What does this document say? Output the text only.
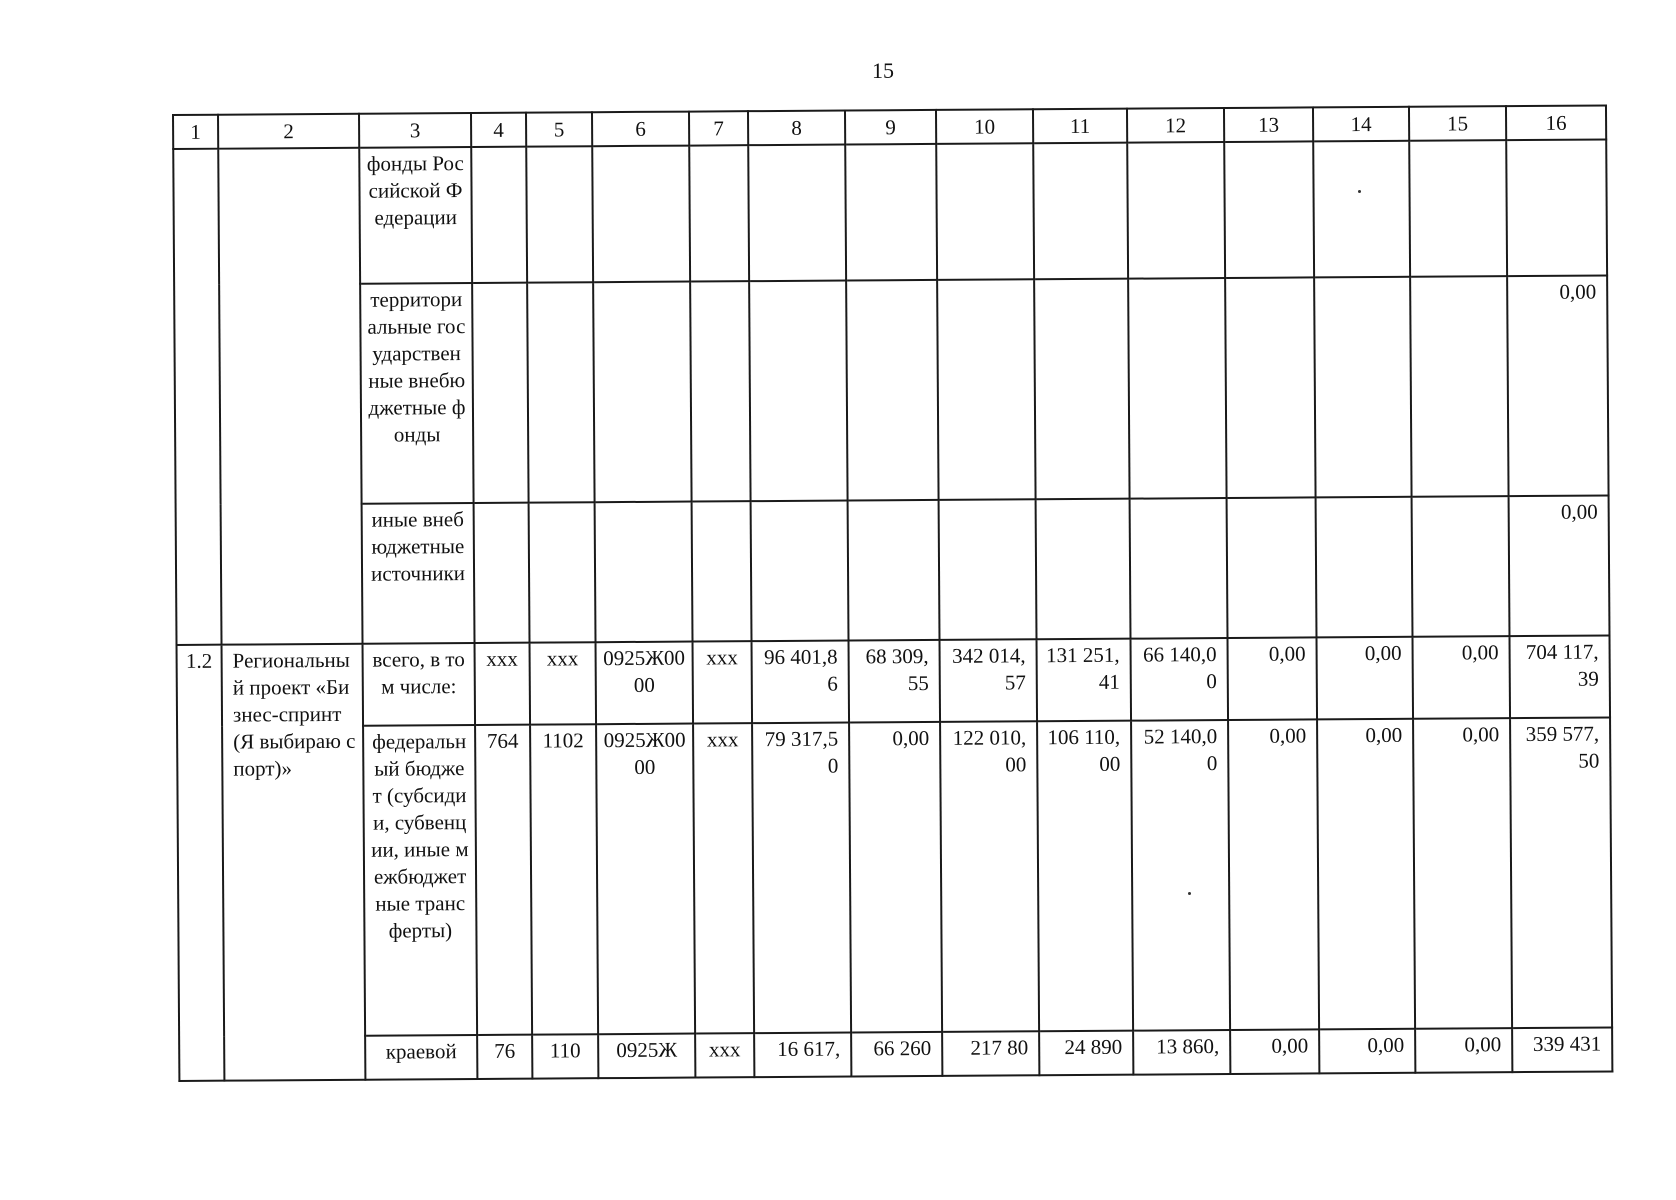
15
1	2	3	4	5	6	7	8	9	10	11	12	13	14	15	16
		фонды Российской Федерации													
		территориальные государственные внебюджетные фонды													0,00
		иные внебюджетные источники													0,00
1.2	Региональный проект «Бизнес-спринт (Я выбираю спорт)»	всего, в том числе:	ххх	ххх	0925Ж0000	ххх	96 401,86	68 309,55	342 014,57	131 251,41	66 140,00	0,00	0,00	0,00	704 117,39
		федеральный бюджет (субсидии, субвенции, иные межбюджетные трансферты)	764	1102	0925Ж0000	ххх	79 317,50	0,00	122 010,00	106 110,00	52 140,00	0,00	0,00	0,00	359 577,50
		краевой	76	110	0925Ж	ххх	16 617,	66 260	217 80	24 890	13 860,	0,00	0,00	0,00	339 431
